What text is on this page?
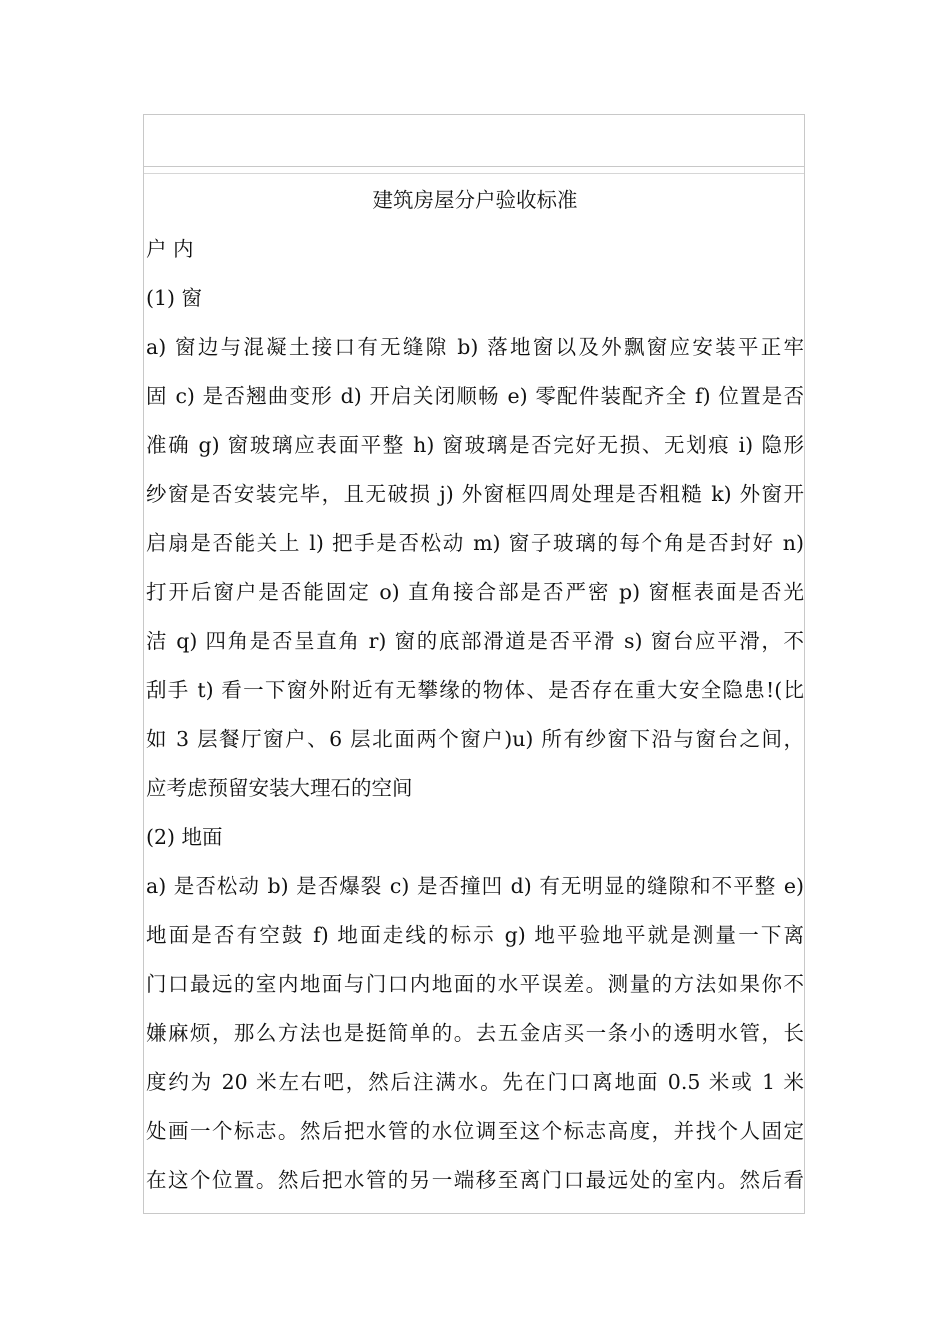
建筑房屋分户验收标准
户 内
(1) 窗
a) 窗边与混凝土接口有无缝隙 b) 落地窗以及外飘窗应安装平正牢
固 c) 是否翘曲变形 d) 开启关闭顺畅 e) 零配件装配齐全 f) 位置是否
准确 g) 窗玻璃应表面平整 h) 窗玻璃是否完好无损、无划痕 i) 隐形
纱窗是否安装完毕，且无破损 j) 外窗框四周处理是否粗糙 k) 外窗开
启扇是否能关上 l) 把手是否松动 m) 窗子玻璃的每个角是否封好 n)
打开后窗户是否能固定 o) 直角接合部是否严密 p) 窗框表面是否光
洁 q) 四角是否呈直角 r) 窗的底部滑道是否平滑 s) 窗台应平滑，不
刮手 t) 看一下窗外附近有无攀缘的物体、是否存在重大安全隐患!(比
如 3 层餐厅窗户、6 层北面两个窗户)u) 所有纱窗下沿与窗台之间，
应考虑预留安装大理石的空间
(2) 地面
a) 是否松动 b) 是否爆裂 c) 是否撞凹 d) 有无明显的缝隙和不平整 e)
地面是否有空鼓 f) 地面走线的标示 g) 地平验地平就是测量一下离
门口最远的室内地面与门口内地面的水平误差。测量的方法如果你不
嫌麻烦，那么方法也是挺简单的。去五金店买一条小的透明水管，长
度约为 20 米左右吧，然后注满水。先在门口离地面 0.5 米或 1 米
处画一个标志。然后把水管的水位调至这个标志高度，并找个人固定
在这个位置。然后把水管的另一端移至离门口最远处的室内。然后看
